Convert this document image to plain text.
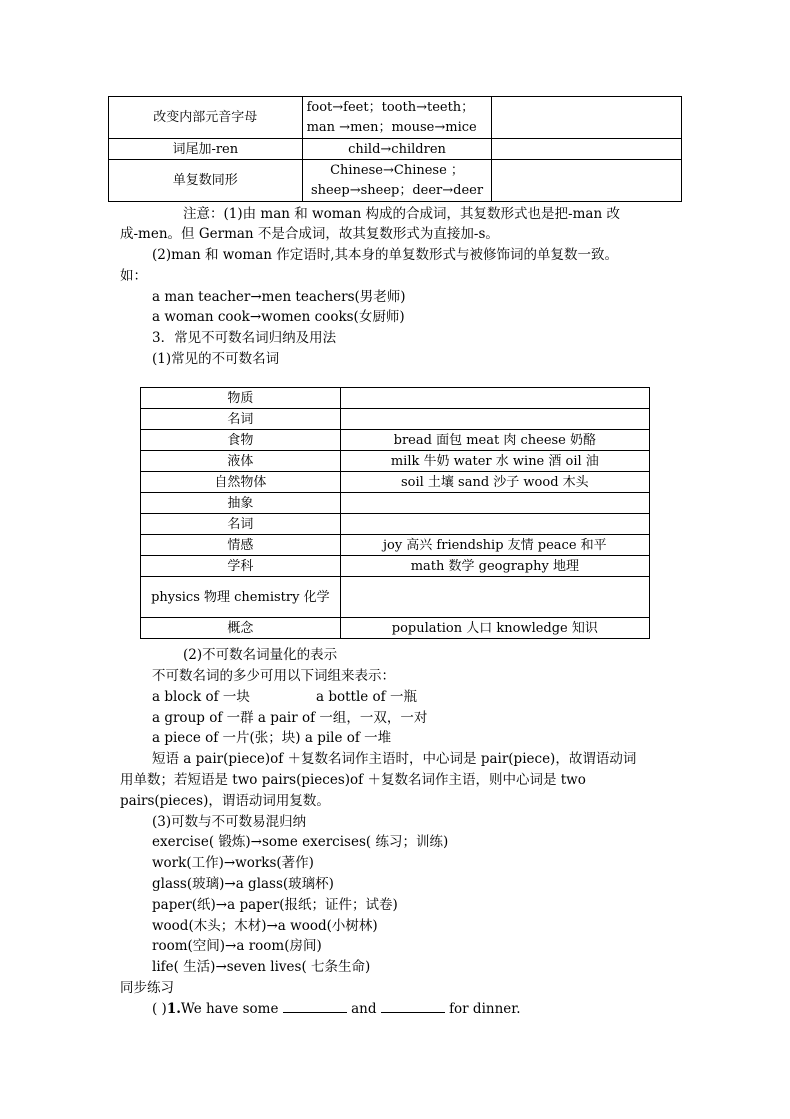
改变内部元音字母	foot→feet；tooth→teeth；
man →men；mouse→mice	

词尾加-ren	child→children	
单复数同形	Chinese→Chinese ；
sheep→sheep；deer→deer	

注意：(1)由 man 和 woman 构成的合成词，其复数形式也是把-man 改
成-men。但 German 不是合成词，故其复数形式为直接加-s。
(2)man 和 woman 作定语时,其本身的单复数形式与被修饰词的单复数一致。
如：
a man teacher→men teachers(男老师)
a woman cook→women cooks(女厨师)
3．常见不可数名词归纳及用法
(1)常见的不可数名词
物质	
名词	
食物	bread 面包 meat 肉 cheese 奶酪
液体	milk 牛奶 water 水 wine 酒 oil 油
自然物体	soil 土壤 sand 沙子 wood 木头
抽象	
名词	
情感	joy 高兴 friendship 友情 peace 和平
学科	math 数学 geography 地理
physics 物理 chemistry 化学	
概念	population 人口 knowledge 知识
(2)不可数名词量化的表示
不可数名词的多少可用以下词组来表示：
a block of 一块	a bottle of 一瓶
a group of 一群 a pair of 一组，一双，一对
a piece of 一片(张；块) a pile of 一堆
短语 a pair(piece)of ＋复数名词作主语时，中心词是 pair(piece)，故谓语动词
用单数；若短语是 two pairs(pieces)of ＋复数名词作主语，则中心词是 two
pairs(pieces)，谓语动词用复数。
(3)可数与不可数易混归纳
exercise( 锻炼)→some exercises( 练习；训练)
work(工作)→works(著作)
glass(玻璃)→a glass(玻璃杯)
paper(纸)→a paper(报纸；证件；试卷)
wood(木头；木材)→a wood(小树林)
room(空间)→a room(房间)
life( 生活)→seven lives( 七条生命)
同步练习
( )1.We have some	and	for dinner.
